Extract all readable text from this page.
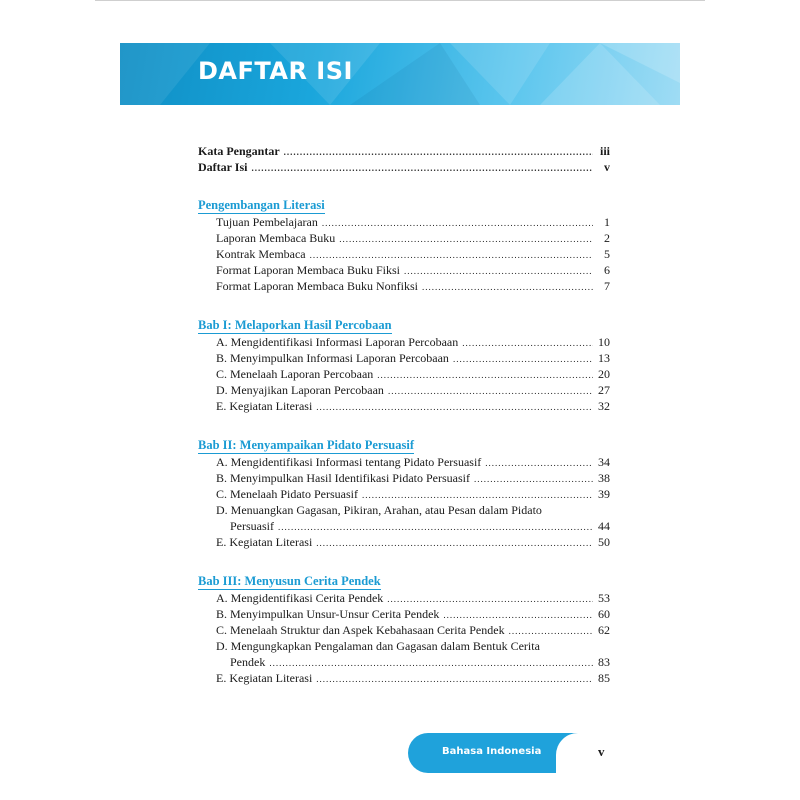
DAFTAR ISI
Kata Pengantar .....	iii
Daftar Isi .....	v
Pengembangan Literasi
Tujuan Pembelajaran .....	1
Laporan Membaca Buku .....	2
Kontrak Membaca .....	5
Format Laporan Membaca Buku Fiksi .....	6
Format Laporan Membaca Buku Nonfiksi .....	7
Bab I: Melaporkan Hasil Percobaan
A. Mengidentifikasi Informasi Laporan Percobaan .....	10
B. Menyimpulkan Informasi Laporan Percobaan .....	13
C. Menelaah Laporan Percobaan .....	20
D. Menyajikan Laporan Percobaan .....	27
E. Kegiatan Literasi .....	32
Bab II: Menyampaikan Pidato Persuasif
A. Mengidentifikasi Informasi tentang Pidato Persuasif .....	34
B. Menyimpulkan Hasil Identifikasi Pidato Persuasif .....	38
C. Menelaah Pidato Persuasif .....	39
D. Menuangkan Gagasan, Pikiran, Arahan, atau Pesan dalam Pidato
Persuasif .....	44
E. Kegiatan Literasi .....	50
Bab III: Menyusun Cerita Pendek
A. Mengidentifikasi Cerita Pendek .....	53
B. Menyimpulkan Unsur-Unsur Cerita Pendek .....	60
C. Menelaah Struktur dan Aspek Kebahasaan Cerita Pendek .....	62
D. Mengungkapkan Pengalaman dan Gagasan dalam Bentuk Cerita
Pendek .....	83
E. Kegiatan Literasi .....	85
Bahasa Indonesia	v
